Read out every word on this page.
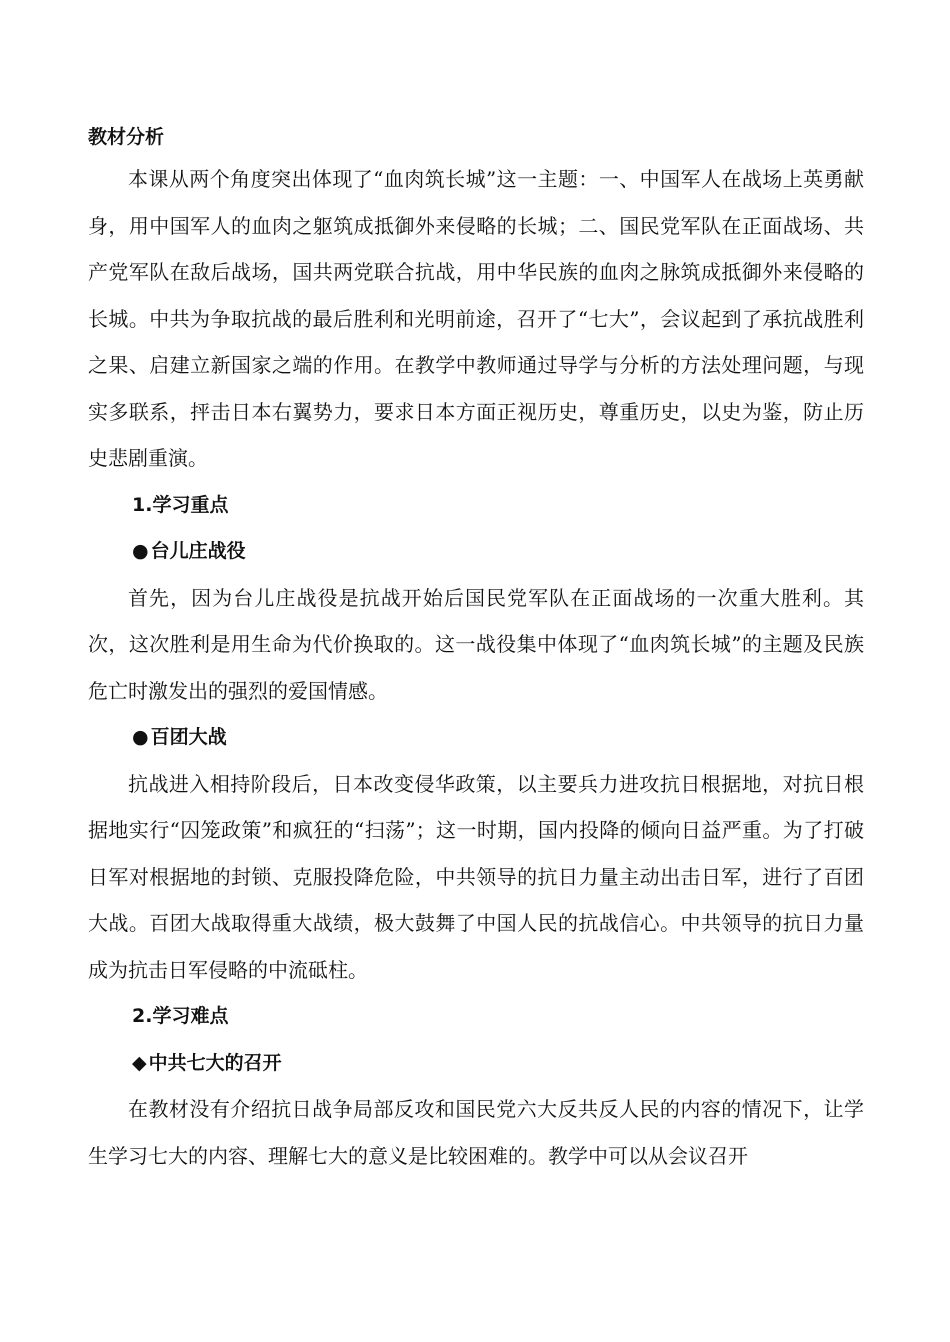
教材分析

本课从两个角度突出体现了“血肉筑长城”这一主题：一、中国军人在战场上英勇献身，用中国军人的血肉之躯筑成抵御外来侵略的长城；二、国民党军队在正面战场、共产党军队在敌后战场，国共两党联合抗战，用中华民族的血肉之脉筑成抵御外来侵略的长城。中共为争取抗战的最后胜利和光明前途，召开了“七大”，会议起到了承抗战胜利之果、启建立新国家之端的作用。在教学中教师通过导学与分析的方法处理问题，与现实多联系，抨击日本右翼势力，要求日本方面正视历史，尊重历史，以史为鉴，防止历史悲剧重演。

1.学习重点
● 台儿庄战役

首先，因为台儿庄战役是抗战开始后国民党军队在正面战场的一次重大胜利。其次，这次胜利是用生命为代价换取的。这一战役集中体现了“血肉筑长城”的主题及民族危亡时激发出的强烈的爱国情感。

● 百团大战

抗战进入相持阶段后，日本改变侵华政策，以主要兵力进攻抗日根据地，对抗日根据地实行“囚笼政策”和疯狂的“扫荡”；这一时期，国内投降的倾向日益严重。为了打破日军对根据地的封锁、克服投降危险，中共领导的抗日力量主动出击日军，进行了百团大战。百团大战取得重大战绩，极大鼓舞了中国人民的抗战信心。中共领导的抗日力量成为抗击日军侵略的中流砥柱。

2.学习难点
◆ 中共七大的召开

在教材没有介绍抗日战争局部反攻和国民党六大反共反人民的内容的情况下，让学生学习七大的内容、理解七大的意义是比较困难的。教学中可以从会议召开
